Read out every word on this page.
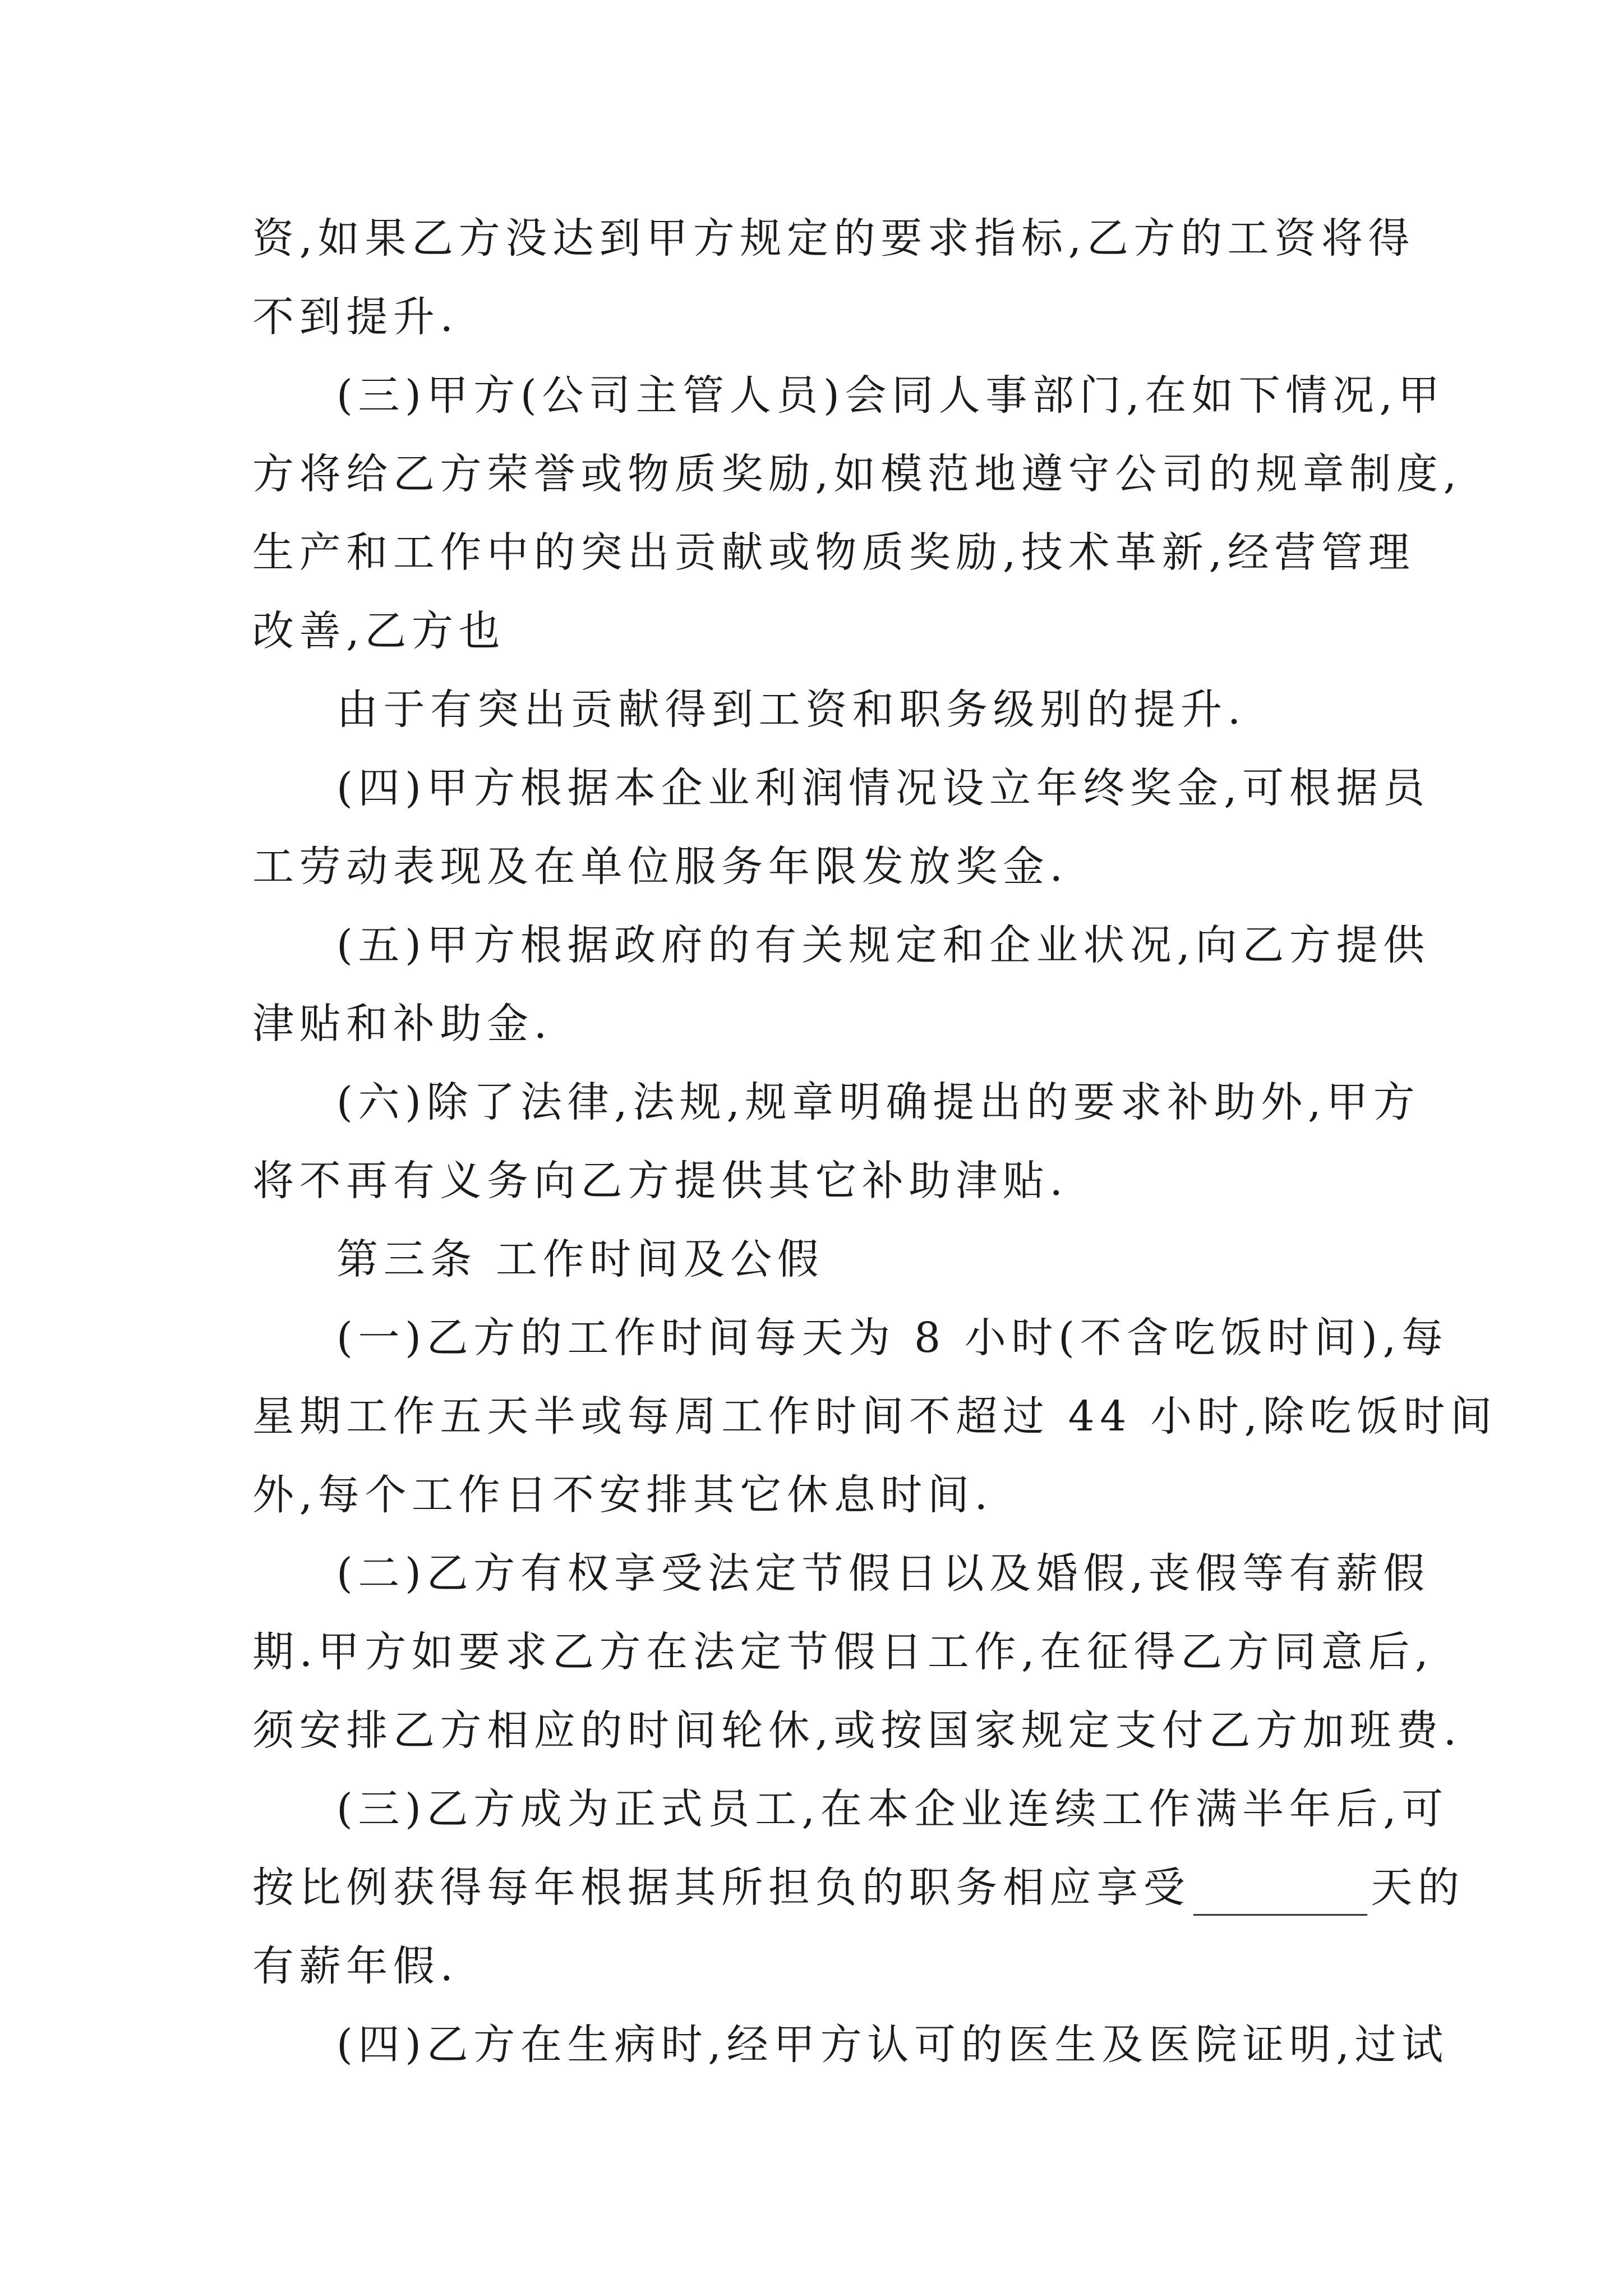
资,如果乙方没达到甲方规定的要求指标,乙方的工资将得

不到提升.

(三)甲方(公司主管人员)会同人事部门,在如下情况,甲

方将给乙方荣誉或物质奖励,如模范地遵守公司的规章制度,

生产和工作中的突出贡献或物质奖励,技术革新,经营管理

改善,乙方也

由于有突出贡献得到工资和职务级别的提升.

(四)甲方根据本企业利润情况设立年终奖金,可根据员

工劳动表现及在单位服务年限发放奖金.

(五)甲方根据政府的有关规定和企业状况,向乙方提供

津贴和补助金.

(六)除了法律,法规,规章明确提出的要求补助外,甲方

将不再有义务向乙方提供其它补助津贴.

第三条 工作时间及公假

(一)乙方的工作时间每天为 8 小时(不含吃饭时间),每

星期工作五天半或每周工作时间不超过 44 小时,除吃饭时间

外,每个工作日不安排其它休息时间.

(二)乙方有权享受法定节假日以及婚假,丧假等有薪假

期.甲方如要求乙方在法定节假日工作,在征得乙方同意后,

须安排乙方相应的时间轮休,或按国家规定支付乙方加班费.

(三)乙方成为正式员工,在本企业连续工作满半年后,可

按比例获得每年根据其所担负的职务相应享受	天的

有薪年假.

(四)乙方在生病时,经甲方认可的医生及医院证明,过试
